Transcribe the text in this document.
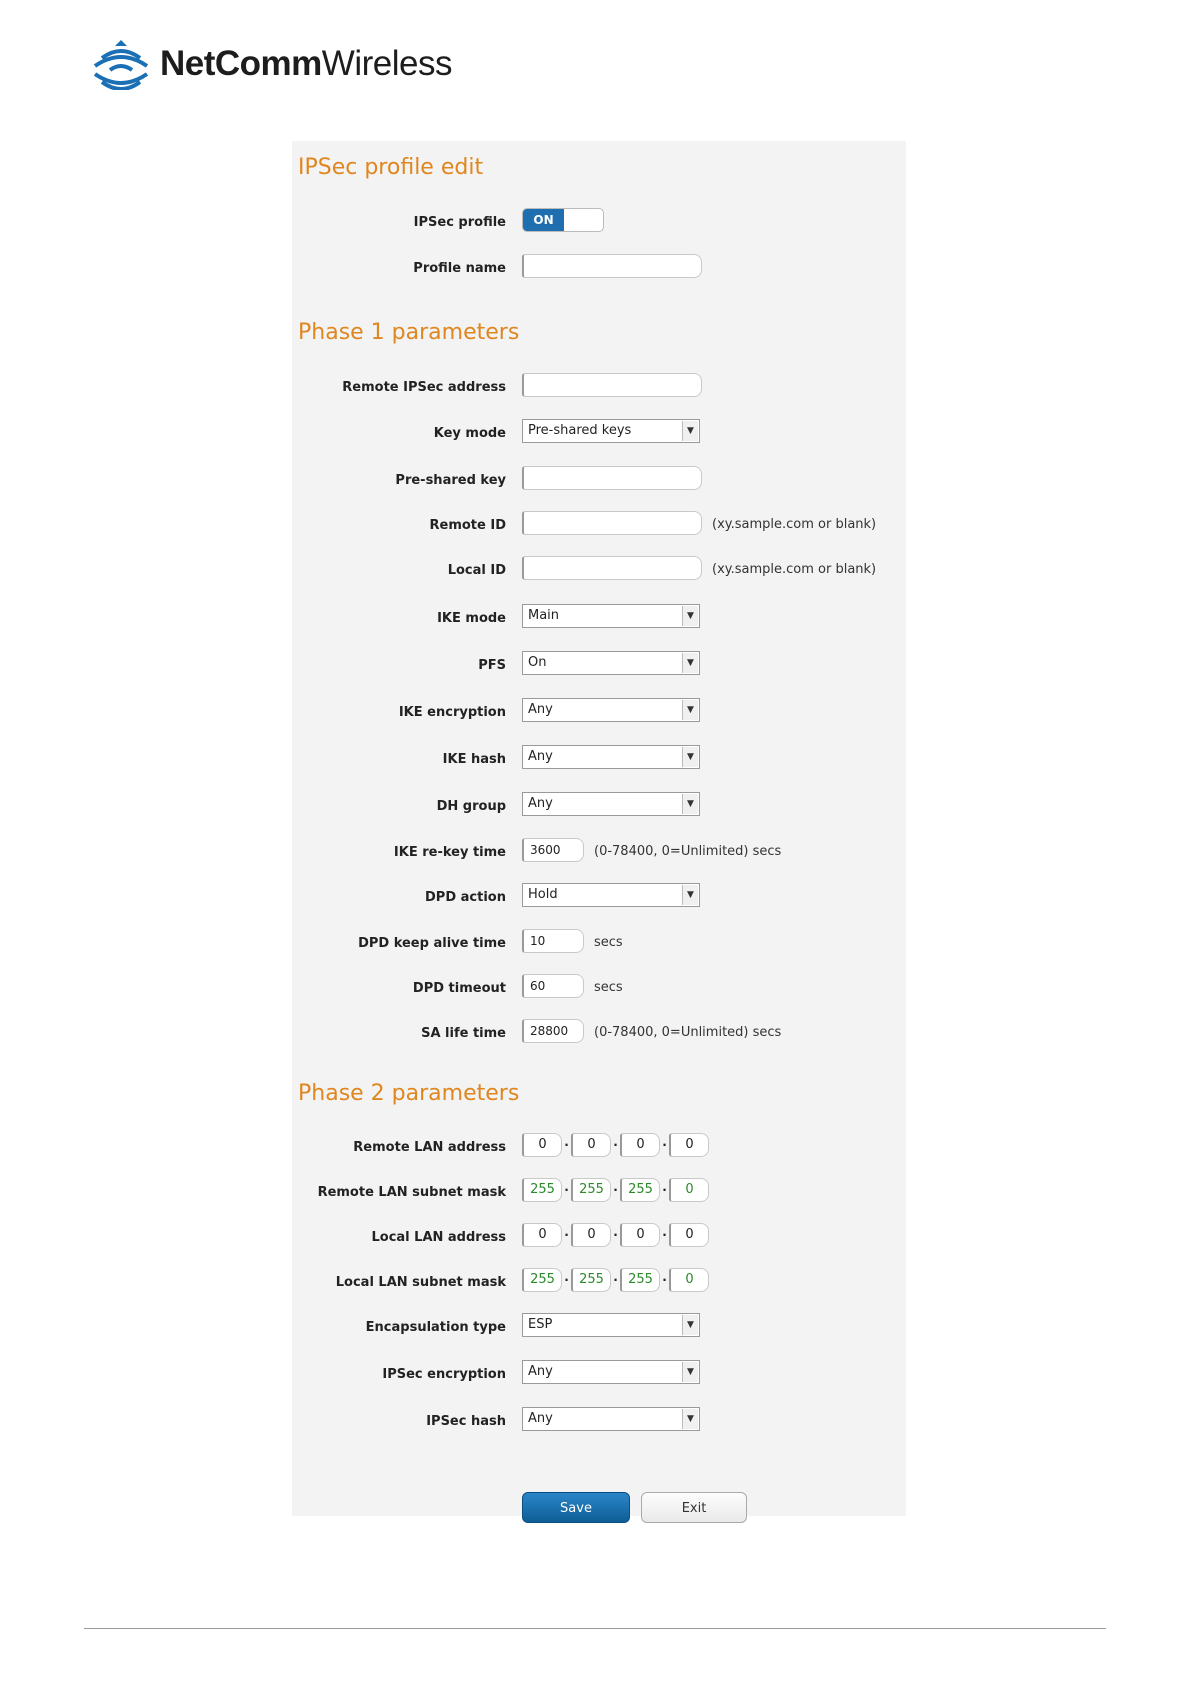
NetCommWireless
IPSec profile edit
IPSec profile	ON
Profile name
Phase 1 parameters
Remote IPSec address
Key mode	Pre-shared keys	▼
Pre-shared key
Remote ID	(xy.sample.com or blank)
Local ID	(xy.sample.com or blank)
IKE mode	Main	▼
PFS	On	▼
IKE encryption	Any	▼
IKE hash	Any	▼
DH group	Any	▼
IKE re-key time	3600	(0-78400, 0=Unlimited) secs
DPD action	Hold	▼
DPD keep alive time	10	secs
DPD timeout	60	secs
SA life time	28800	(0-78400, 0=Unlimited) secs
Phase 2 parameters
Remote LAN address	0	·	0	·	0	·	0
Remote LAN subnet mask	255 · 255 · 255 ·	0
Local LAN address	0	·	0	·	0	·	0
Local LAN subnet mask	255 · 255 · 255 ·	0
Encapsulation type	ESP	▼
IPSec encryption	Any	▼
IPSec hash	Any	▼
Save	Exit
